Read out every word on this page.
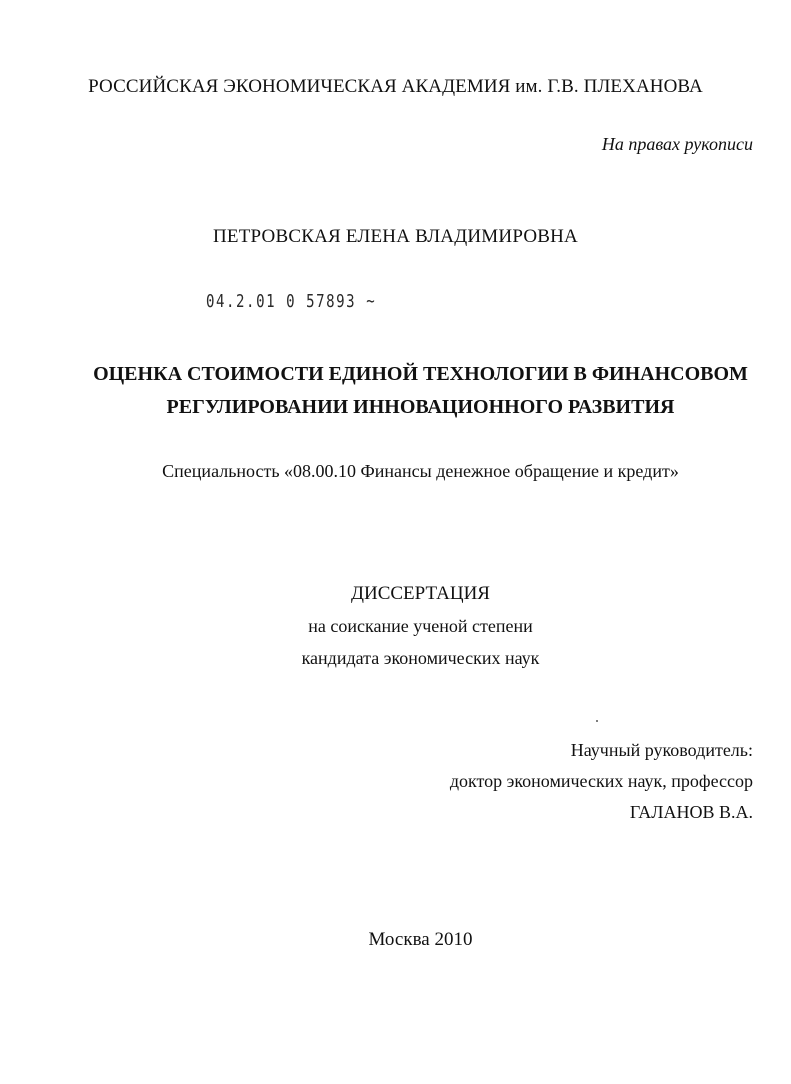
РОССИЙСКАЯ ЭКОНОМИЧЕСКАЯ АКАДЕМИЯ им. Г.В. ПЛЕХАНОВА

На правах рукописи

ПЕТРОВСКАЯ ЕЛЕНА ВЛАДИМИРОВНА

04.2.01 0 57893 ~

ОЦЕНКА СТОИМОСТИ ЕДИНОЙ ТЕХНОЛОГИИ В ФИНАНСОВОМ

РЕГУЛИРОВАНИИ ИННОВАЦИОННОГО РАЗВИТИЯ

Специальность «08.00.10 Финансы денежное обращение и кредит»

ДИССЕРТАЦИЯ

на соискание ученой степени

кандидата экономических наук

Научный руководитель:

доктор экономических наук, профессор

ГАЛАНОВ В.А.

Москва 2010
